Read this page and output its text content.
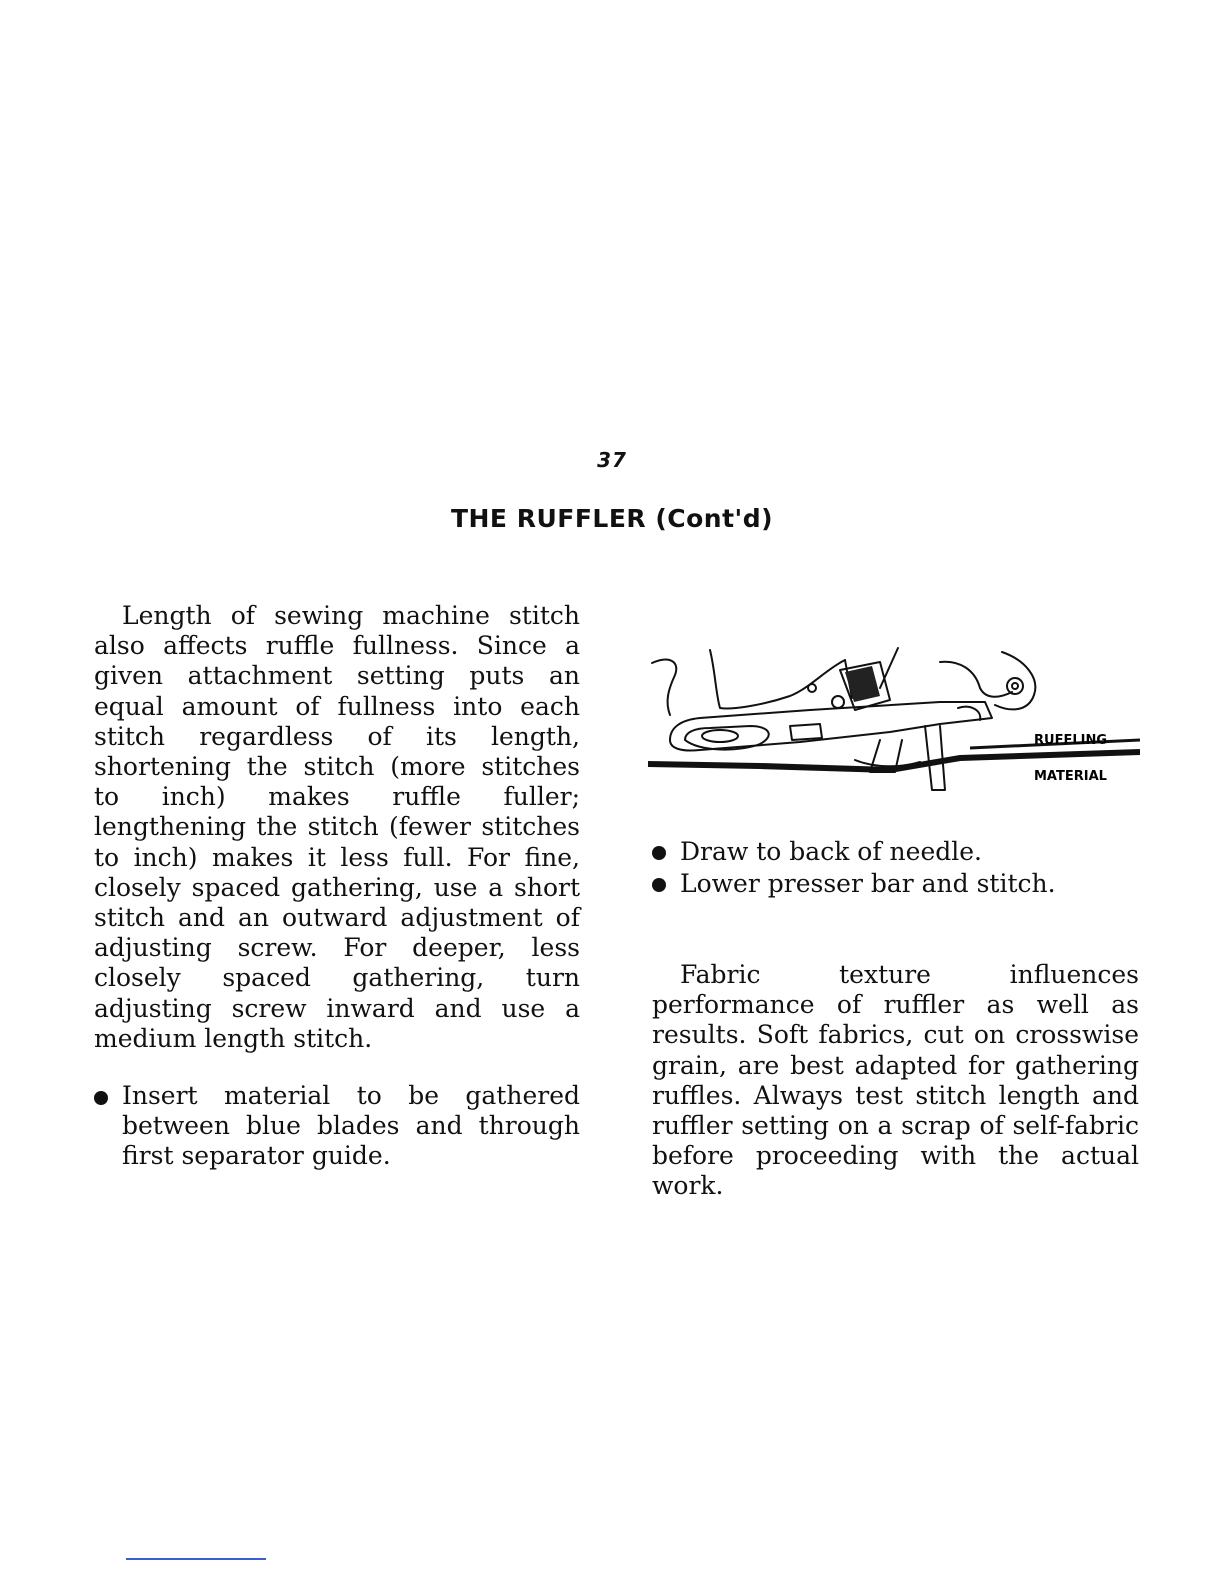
37
THE RUFFLER (Cont'd)

Length of sewing machine stitch also affects ruffle fullness. Since a given attachment setting puts an equal amount of fullness into each stitch regardless of its length, shortening the stitch (more stitches to inch) makes ruffle fuller; lengthening the stitch (fewer stitches to inch) makes it less full. For fine, closely spaced gathering, use a short stitch and an outward adjustment of adjusting screw. For deeper, less closely spaced gathering, turn adjusting screw inward and use a medium length stitch.

Insert material to be gathered between blue blades and through first separator guide.
RUFFLING
MATERIAL
Draw to back of needle.
Lower presser bar and stitch.

Fabric texture influences performance of ruffler as well as results. Soft fabrics, cut on crosswise grain, are best adapted for gathering ruffles. Always test stitch length and ruffler setting on a scrap of self-fabric before proceeding with the actual work.
